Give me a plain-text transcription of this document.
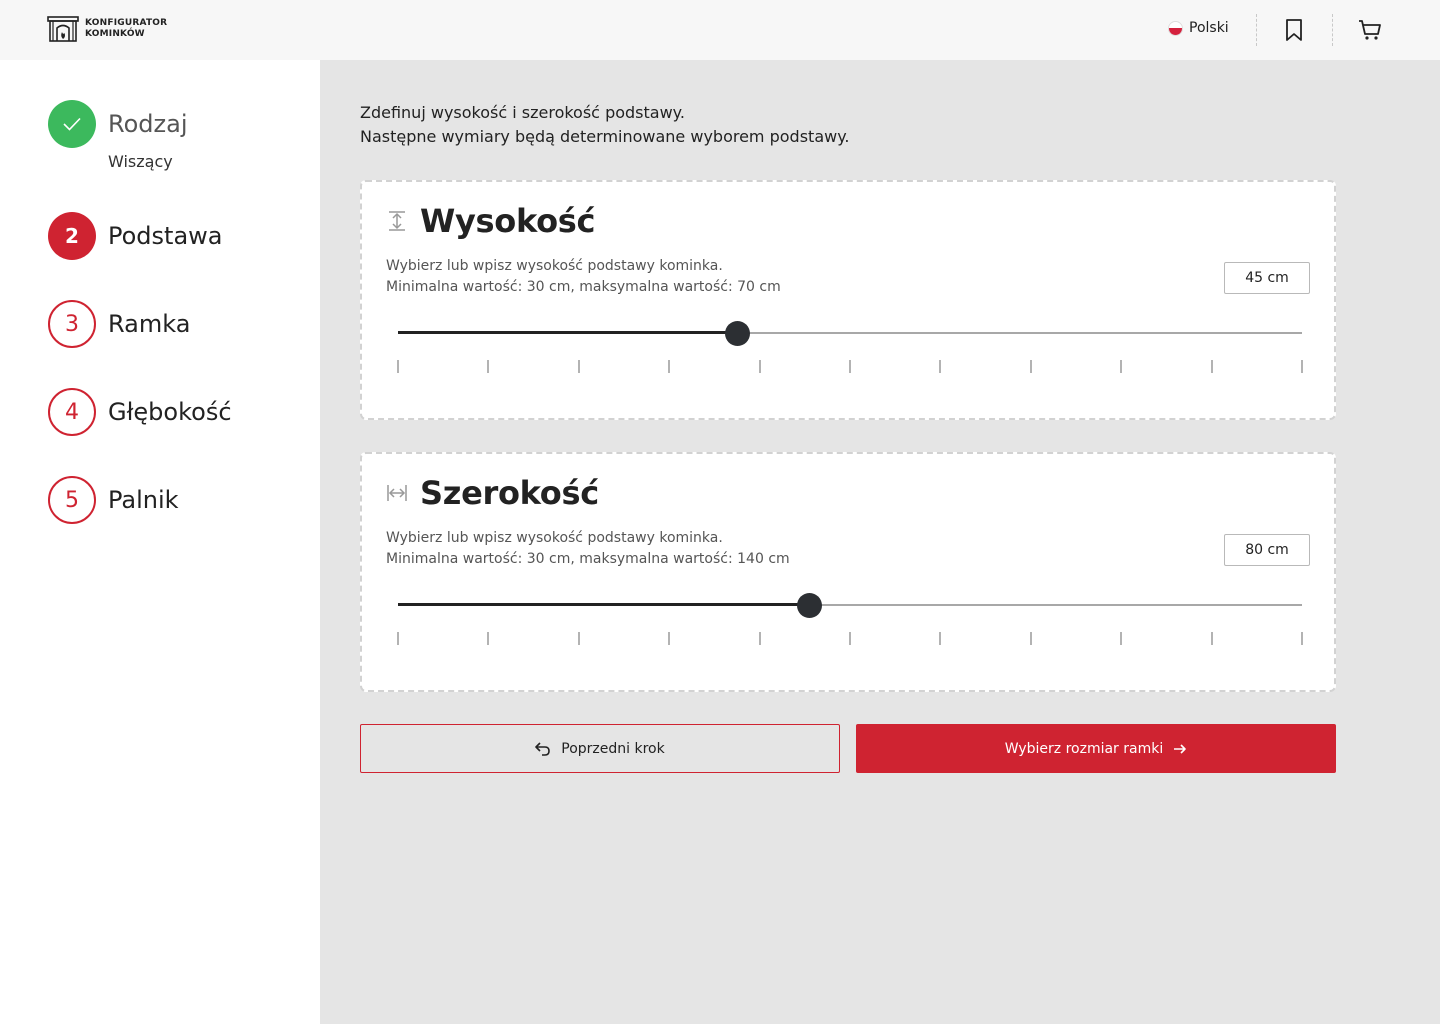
KONFIGURATOR
KOMINKÓW	Polski
Rodzaj
Wiszący
2	Podstawa
3	Ramka
4	Głębokość
5	Palnik
Zdefinuj wysokość i szerokość podstawy.
Następne wymiary będą determinowane wyborem podstawy.
Wysokość
Wybierz lub wpisz wysokość podstawy kominka.
Minimalna wartość: 30 cm, maksymalna wartość: 70 cm
45 cm
Szerokość
Wybierz lub wpisz wysokość podstawy kominka.
Minimalna wartość: 30 cm, maksymalna wartość: 140 cm
80 cm
Poprzedni krok	Wybierz rozmiar ramki
